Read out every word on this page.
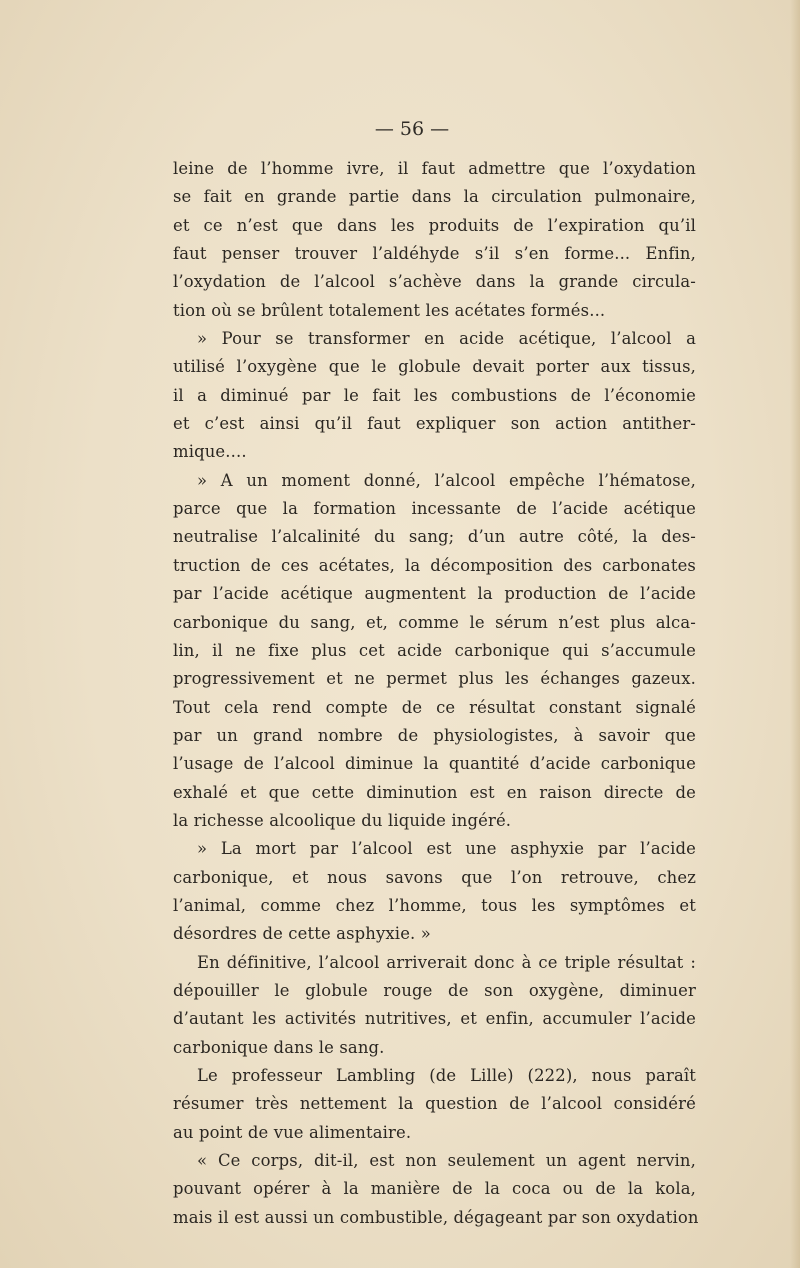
— 56 —
leine de l’homme ivre, il faut admettre que l’oxydation
se fait en grande partie dans la circulation pulmonaire,
et ce n’est que dans les produits de l’expiration qu’il
faut penser trouver l’aldéhyde s’il s’en forme... Enfin,
l’oxydation de l’alcool s’achève dans la grande circula-
tion où se brûlent totalement les acétates formés...
» Pour se transformer en acide acétique, l’alcool a
utilisé l’oxygène que le globule devait porter aux tissus,
il a diminué par le fait les combustions de l’économie
et c’est ainsi qu’il faut expliquer son action antither-
mique....
» A un moment donné, l’alcool empêche l’hématose,
parce que la formation incessante de l’acide acétique
neutralise l’alcalinité du sang; d’un autre côté, la des-
truction de ces acétates, la décomposition des carbonates
par l’acide acétique augmentent la production de l’acide
carbonique du sang, et, comme le sérum n’est plus alca-
lin, il ne fixe plus cet acide carbonique qui s’accumule
progressivement et ne permet plus les échanges gazeux.
Tout cela rend compte de ce résultat constant signalé
par un grand nombre de physiologistes, à savoir que
l’usage de l’alcool diminue la quantité d’acide carbonique
exhalé et que cette diminution est en raison directe de
la richesse alcoolique du liquide ingéré.
» La mort par l’alcool est une asphyxie par l’acide
carbonique, et nous savons que l’on retrouve, chez
l’animal, comme chez l’homme, tous les symptômes et
désordres de cette asphyxie. »
En définitive, l’alcool arriverait donc à ce triple résultat :
dépouiller le globule rouge de son oxygène, diminuer
d’autant les activités nutritives, et enfin, accumuler l’acide
carbonique dans le sang.
Le professeur Lambling (de Lille) (222), nous paraît
résumer très nettement la question de l’alcool considéré
au point de vue alimentaire.
« Ce corps, dit-il, est non seulement un agent nervin,
pouvant opérer à la manière de la coca ou de la kola,
mais il est aussi un combustible, dégageant par son oxydation
